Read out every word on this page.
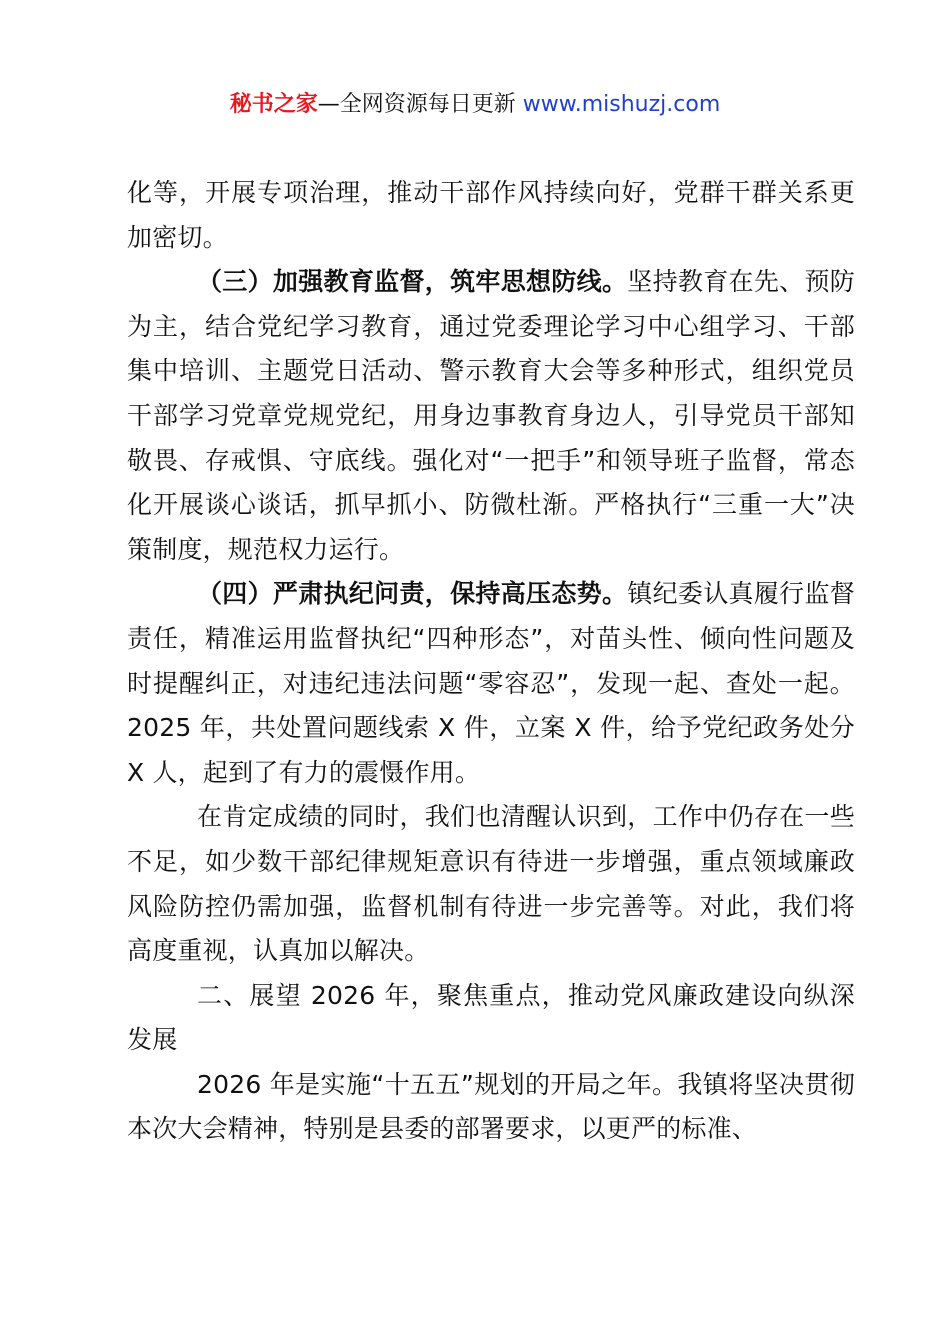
秘书之家—全网资源每日更新 www.mishuzj.com

化等，开展专项治理，推动干部作风持续向好，党群干群关系更加密切。

（三）加强教育监督，筑牢思想防线。坚持教育在先、预防为主，结合党纪学习教育，通过党委理论学习中心组学习、干部集中培训、主题党日活动、警示教育大会等多种形式，组织党员干部学习党章党规党纪，用身边事教育身边人，引导党员干部知敬畏、存戒惧、守底线。强化对“一把手”和领导班子监督，常态化开展谈心谈话，抓早抓小、防微杜渐。严格执行“三重一大”决策制度，规范权力运行。

（四）严肃执纪问责，保持高压态势。镇纪委认真履行监督责任，精准运用监督执纪“四种形态”，对苗头性、倾向性问题及时提醒纠正，对违纪违法问题“零容忍”，发现一起、查处一起。2025 年，共处置问题线索 X 件，立案 X 件，给予党纪政务处分 X 人，起到了有力的震慑作用。

在肯定成绩的同时，我们也清醒认识到，工作中仍存在一些不足，如少数干部纪律规矩意识有待进一步增强，重点领域廉政风险防控仍需加强，监督机制有待进一步完善等。对此，我们将高度重视，认真加以解决。

二、展望 2026 年，聚焦重点，推动党风廉政建设向纵深发展

2026 年是实施“十五五”规划的开局之年。我镇将坚决贯彻本次大会精神，特别是县委的部署要求，以更严的标准、
